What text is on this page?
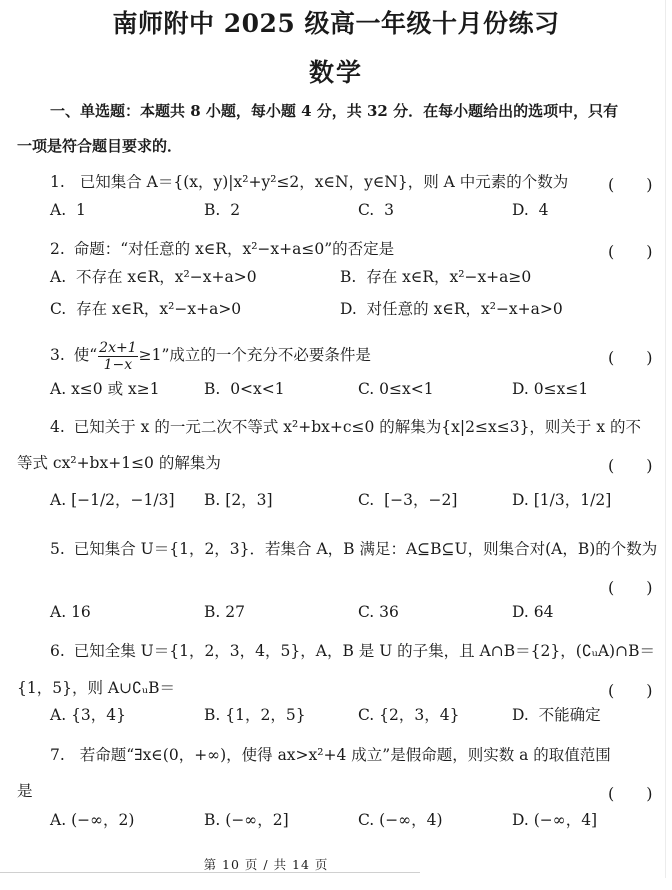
南师附中 2025 级高一年级十月份练习
数学
一、单选题：本题共 8 小题，每小题 4 分，共 32 分．在每小题给出的选项中，只有
一项是符合题目要求的．
1. 已知集合 A＝{(x，y)|x²+y²≤2，x∈N，y∈N}，则 A 中元素的个数为 (　　)
A. 1	B. 2	C. 3	D. 4
2. 命题：“对任意的 x∈R，x²−x+a≤0”的否定是	(　　)
A. 不存在 x∈R，x²−x+a>0	B. 存在 x∈R，x²−x+a≥0
C. 存在 x∈R，x²−x+a>0	D. 对任意的 x∈R，x²−x+a>0
3. 使“ $\frac{2x+1}{1-x} \ge 1$”成立的一个充分不必要条件是	(　　)
A. x≤0 或 x≥1	B. 0<x<1	C. 0≤x<1	D. 0≤x≤1
4. 已知关于 x 的一元二次不等式 x²+bx+c≤0 的解集为{x|2≤x≤3}，则关于 x 的不
等式 cx²+bx+1≤0 的解集为	(　　)
A. [−1/2，−1/3] B. [2，3]	C. [−3，−2]	D. [1/3，1/2]
5. 已知集合 U＝{1，2，3}．若集合 A，B 满足：A⊆B⊆U，则集合对(A，B)的个数为
(　　)
A. 16	B. 27	C. 36	D. 64
6. 已知全集 U＝{1，2，3，4，5}，A，B 是 U 的子集，且 A∩B＝{2}，(∁ᵤA)∩B＝
{1，5}，则 A∪∁ᵤB＝	(　　)
A. {3，4}	B. {1，2，5}	C. {2，3，4}	D. 不能确定
7. 若命题“∃x∈(0，+∞)，使得 ax>x²+4 成立”是假命题，则实数 a 的取值范围
是	(　　)
A. (−∞，2)	B. (−∞，2]	C. (−∞，4)	D. (−∞，4]
第 10 页 / 共 14 页
